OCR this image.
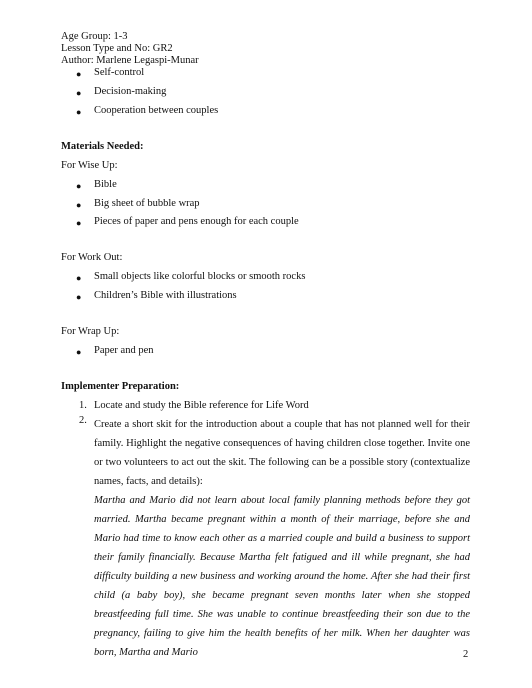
Age Group: 1-3
Lesson Type and No: GR2
Author: Marlene Legaspi-Munar
● Self-control
● Decision-making
● Cooperation between couples
Materials Needed:
For Wise Up:
● Bible
● Big sheet of bubble wrap
● Pieces of paper and pens enough for each couple
For Work Out:
● Small objects like colorful blocks or smooth rocks
● Children’s Bible with illustrations
For Wrap Up:
● Paper and pen
Implementer Preparation:
1. Locate and study the Bible reference for Life Word
2. Create a short skit for the introduction about a couple that has not planned well for their family. Highlight the negative consequences of having children close together. Invite one or two volunteers to act out the skit. The following can be a possible story (contextualize names, facts, and details):
Martha and Mario did not learn about local family planning methods before they got married. Martha became pregnant within a month of their marriage, before she and Mario had time to know each other as a married couple and build a business to support their family financially. Because Martha felt fatigued and ill while pregnant, she had difficulty building a new business and working around the home. After she had their first child (a baby boy), she became pregnant seven months later when she stopped breastfeeding full time. She was unable to continue breastfeeding their son due to the pregnancy, failing to give him the health benefits of her milk. When her daughter was born, Martha and Mario	2
